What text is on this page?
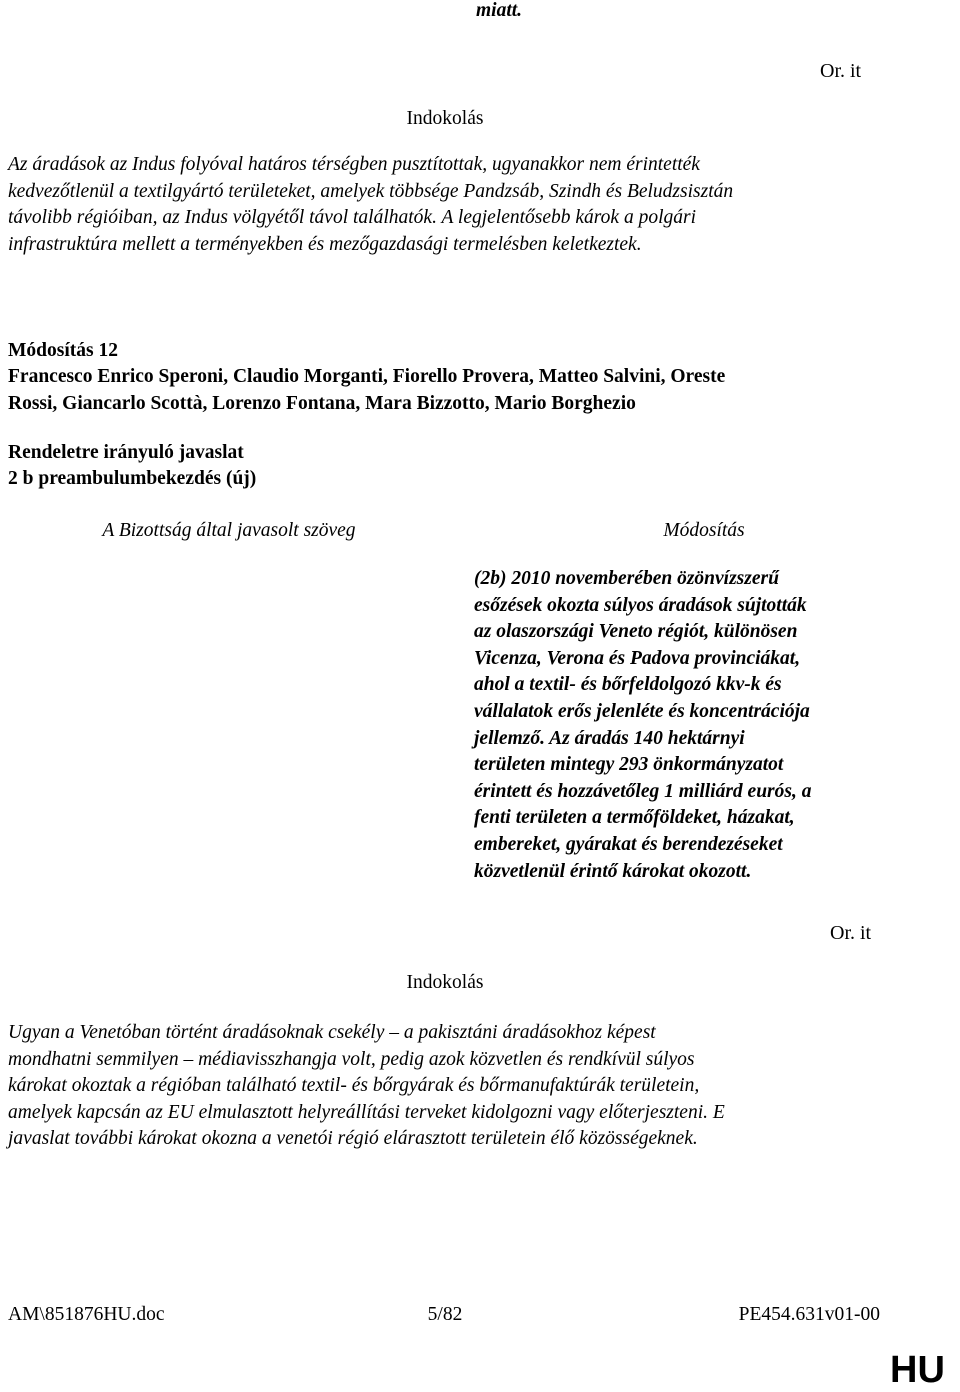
miatt.
Or. it
Indokolás
Az áradások az Indus folyóval határos térségben pusztítottak, ugyanakkor nem érintették
kedvezőtlenül a textilgyártó területeket, amelyek többsége Pandzsáb, Szindh és Beludzsisztán
távolibb régióiban, az Indus völgyétől távol találhatók. A legjelentősebb károk a polgári
infrastruktúra mellett a terményekben és mezőgazdasági termelésben keletkeztek.
Módosítás 12
Francesco Enrico Speroni, Claudio Morganti, Fiorello Provera, Matteo Salvini, Oreste
Rossi, Giancarlo Scottà, Lorenzo Fontana, Mara Bizzotto, Mario Borghezio
Rendeletre irányuló javaslat
2 b preambulumbekezdés (új)
A Bizottság által javasolt szöveg	Módosítás
(2b) 2010 novemberében özönvízszerű
esőzések okozta súlyos áradások sújtották
az olaszországi Veneto régiót, különösen
Vicenza, Verona és Padova provinciákat,
ahol a textil- és bőrfeldolgozó kkv-k és
vállalatok erős jelenléte és koncentrációja
jellemző. Az áradás 140 hektárnyi
területen mintegy 293 önkormányzatot
érintett és hozzávetőleg 1 milliárd eurós, a
fenti területen a termőföldeket, házakat,
embereket, gyárakat és berendezéseket
közvetlenül érintő károkat okozott.
Or. it
Indokolás
Ugyan a Venetóban történt áradásoknak csekély – a pakisztáni áradásokhoz képest
mondhatni semmilyen – médiavisszhangja volt, pedig azok közvetlen és rendkívül súlyos
károkat okoztak a régióban található textil- és bőrgyárak és bőrmanufaktúrák területein,
amelyek kapcsán az EU elmulasztott helyreállítási terveket kidolgozni vagy előterjeszteni. E
javaslat további károkat okozna a venetói régió elárasztott területein élő közösségeknek.
AM\851876HU.doc	5/82	PE454.631v01-00
HU
